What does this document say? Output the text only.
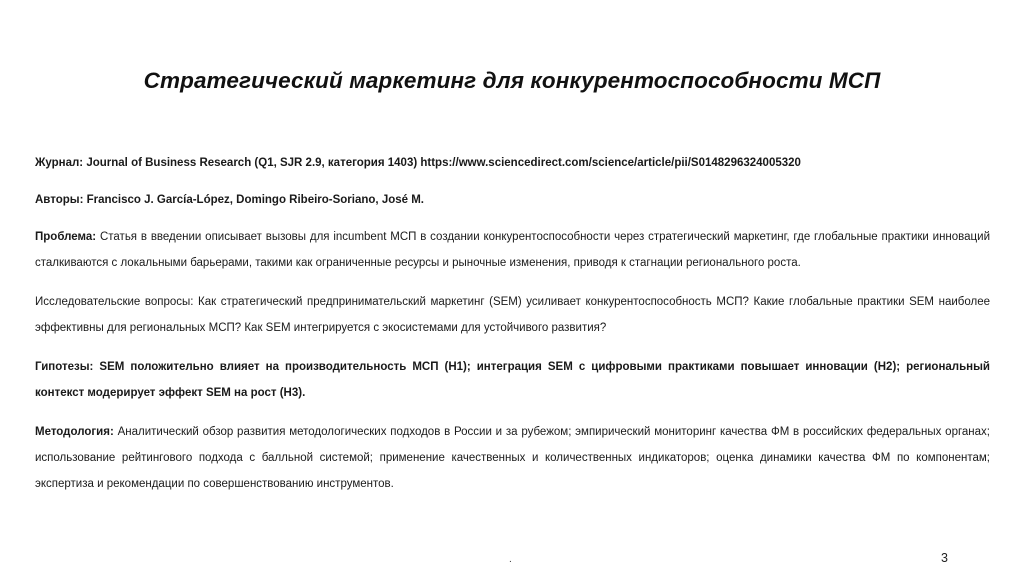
Стратегический маркетинг для конкурентоспособности МСП

Журнал: Journal of Business Research (Q1, SJR 2.9, категория 1403) https://www.sciencedirect.com/science/article/pii/S0148296324005320

Авторы: Francisco J. García-López, Domingo Ribeiro-Soriano, José M.

Проблема: Статья в введении описывает вызовы для incumbent МСП в создании конкурентоспособности через стратегический маркетинг, где глобальные практики инноваций сталкиваются с локальными барьерами, такими как ограниченные ресурсы и рыночные изменения, приводя к стагнации регионального роста.

Исследовательские вопросы: Как стратегический предпринимательский маркетинг (SEM) усиливает конкурентоспособность МСП? Какие глобальные практики SEM наиболее эффективны для региональных МСП? Как SEM интегрируется с экосистемами для устойчивого развития?

Гипотезы: SEM положительно влияет на производительность МСП (H1); интеграция SEM с цифровыми практиками повышает инновации (H2); региональный контекст модерирует эффект SEM на рост (H3).

Методология: Аналитический обзор развития методологических подходов в России и за рубежом; эмпирический мониторинг качества ФМ в российских федеральных органах; использование рейтингового подхода с балльной системой; применение качественных и количественных индикаторов; оценка динамики качества ФМ по компонентам; экспертиза и рекомендации по совершенствованию инструментов.

.	3
